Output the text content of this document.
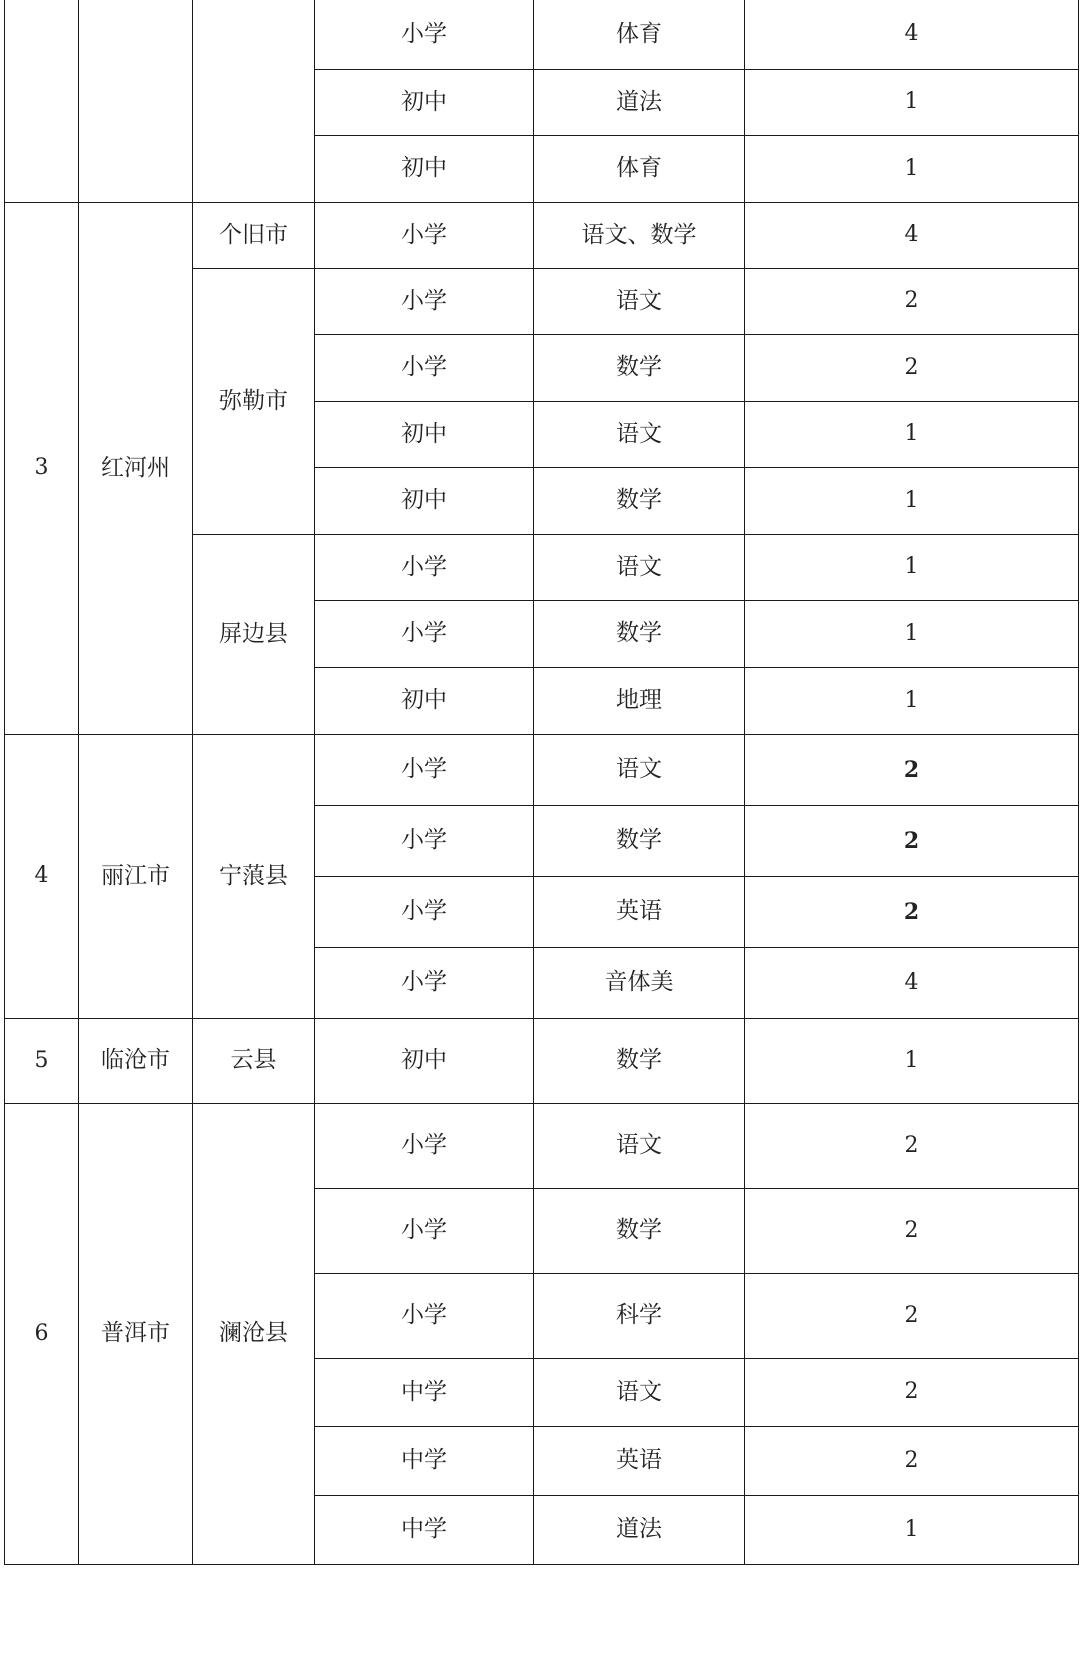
			小学	体育	4
			初中	道法	1
			初中	体育	1
3	红河州	个旧市	小学	语文、数学	4
		弥勒市	小学	语文	2
			小学	数学	2
			初中	语文	1
			初中	数学	1
		屏边县	小学	语文	1
			小学	数学	1
			初中	地理	1
4	丽江市	宁蒗县	小学	语文	2
			小学	数学	2
			小学	英语	2
			小学	音体美	4
5	临沧市	云县	初中	数学	1
6	普洱市	澜沧县	小学	语文	2
			小学	数学	2
			小学	科学	2
			中学	语文	2
			中学	英语	2
			中学	道法	1
